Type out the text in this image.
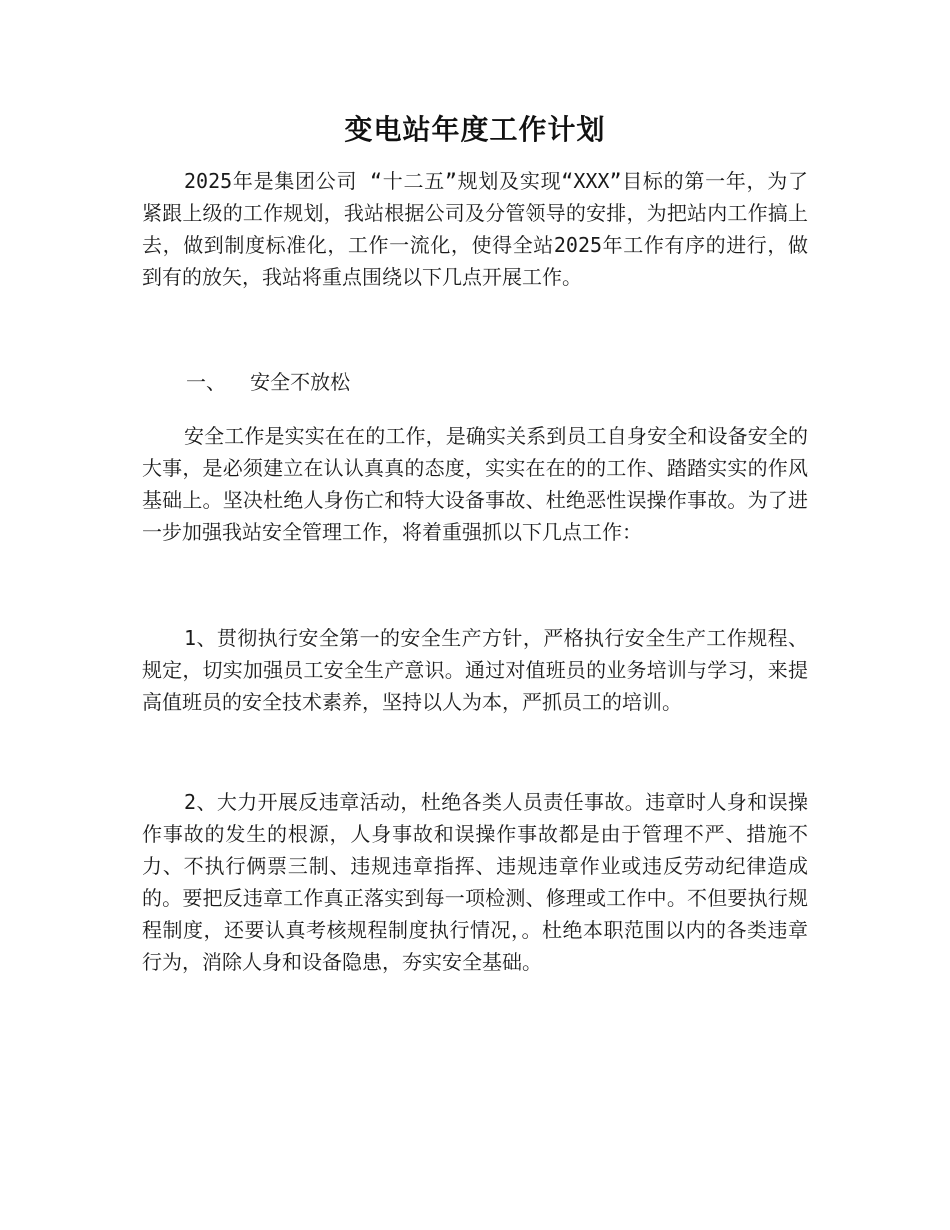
变电站年度工作计划

2025年是集团公司 “十二五”规划及实现“XXX”目标的第一年，为了紧跟上级的工作规划，我站根据公司及分管领导的安排，为把站内工作搞上去，做到制度标准化，工作一流化，使得全站2025年工作有序的进行，做到有的放矢，我站将重点围绕以下几点开展工作。

一、  安全不放松

安全工作是实实在在的工作，是确实关系到员工自身安全和设备安全的大事，是必须建立在认认真真的态度，实实在在的的工作、踏踏实实的作风基础上。坚决杜绝人身伤亡和特大设备事故、杜绝恶性误操作事故。为了进一步加强我站安全管理工作，将着重强抓以下几点工作：

1、贯彻执行安全第一的安全生产方针，严格执行安全生产工作规程、规定，切实加强员工安全生产意识。通过对值班员的业务培训与学习，来提高值班员的安全技术素养，坚持以人为本，严抓员工的培训。

2、大力开展反违章活动，杜绝各类人员责任事故。违章时人身和误操作事故的发生的根源，人身事故和误操作事故都是由于管理不严、措施不力、不执行俩票三制、违规违章指挥、违规违章作业或违反劳动纪律造成的。要把反违章工作真正落实到每一项检测、修理或工作中。不但要执行规程制度，还要认真考核规程制度执行情况，。杜绝本职范围以内的各类违章行为，消除人身和设备隐患，夯实安全基础。
